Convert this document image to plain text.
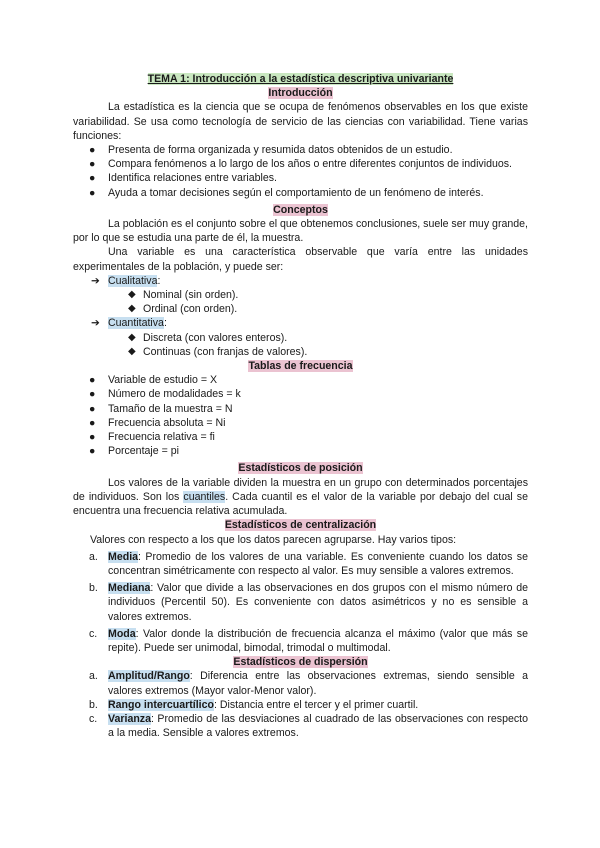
TEMA 1: Introducción a la estadística descriptiva univariante

Introducción

La estadística es la ciencia que se ocupa de fenómenos observables en los que existe variabilidad. Se usa como tecnología de servicio de las ciencias con variabilidad. Tiene varias funciones:

● Presenta de forma organizada y resumida datos obtenidos de un estudio.
● Compara fenómenos a lo largo de los años o entre diferentes conjuntos de individuos.
● Identifica relaciones entre variables.
● Ayuda a tomar decisiones según el comportamiento de un fenómeno de interés.

Conceptos

La población es el conjunto sobre el que obtenemos conclusiones, suele ser muy grande, por lo que se estudia una parte de él, la muestra.

Una variable es una característica observable que varía entre las unidades experimentales de la población, y puede ser:

➔ Cualitativa:
◆ Nominal (sin orden).
◆ Ordinal (con orden).
➔ Cuantitativa:
◆ Discreta (con valores enteros).
◆ Continuas (con franjas de valores).

Tablas de frecuencia

● Variable de estudio = X
● Número de modalidades = k
● Tamaño de la muestra = N
● Frecuencia absoluta = Ni
● Frecuencia relativa = fi
● Porcentaje = pi

Estadísticos de posición

Los valores de la variable dividen la muestra en un grupo con determinados porcentajes de individuos. Son los cuantiles. Cada cuantil es el valor de la variable por debajo del cual se encuentra una frecuencia relativa acumulada.

Estadísticos de centralización

Valores con respecto a los que los datos parecen agruparse. Hay varios tipos:

a. Media: Promedio de los valores de una variable. Es conveniente cuando los datos se concentran simétricamente con respecto al valor. Es muy sensible a valores extremos.
b. Mediana: Valor que divide a las observaciones en dos grupos con el mismo número de individuos (Percentil 50). Es conveniente con datos asimétricos y no es sensible a valores extremos.
c. Moda: Valor donde la distribución de frecuencia alcanza el máximo (valor que más se repite). Puede ser unimodal, bimodal, trimodal o multimodal.

Estadísticos de dispersión

a. Amplitud/Rango: Diferencia entre las observaciones extremas, siendo sensible a valores extremos (Mayor valor-Menor valor).
b. Rango intercuartílico: Distancia entre el tercer y el primer cuartil.
c. Varianza: Promedio de las desviaciones al cuadrado de las observaciones con respecto a la media. Sensible a valores extremos.
